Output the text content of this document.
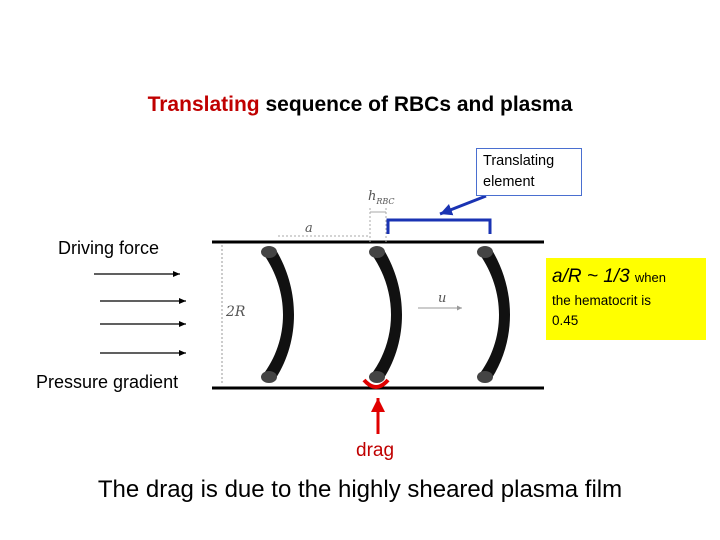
Translating sequence of RBCs and plasma
2R
a
$h_{RBC}$
u
Translating
element
Driving force
Pressure gradient
a/R ~ 1/3 when
the hematocrit is
0.45
drag
The drag is due to the highly sheared plasma film
